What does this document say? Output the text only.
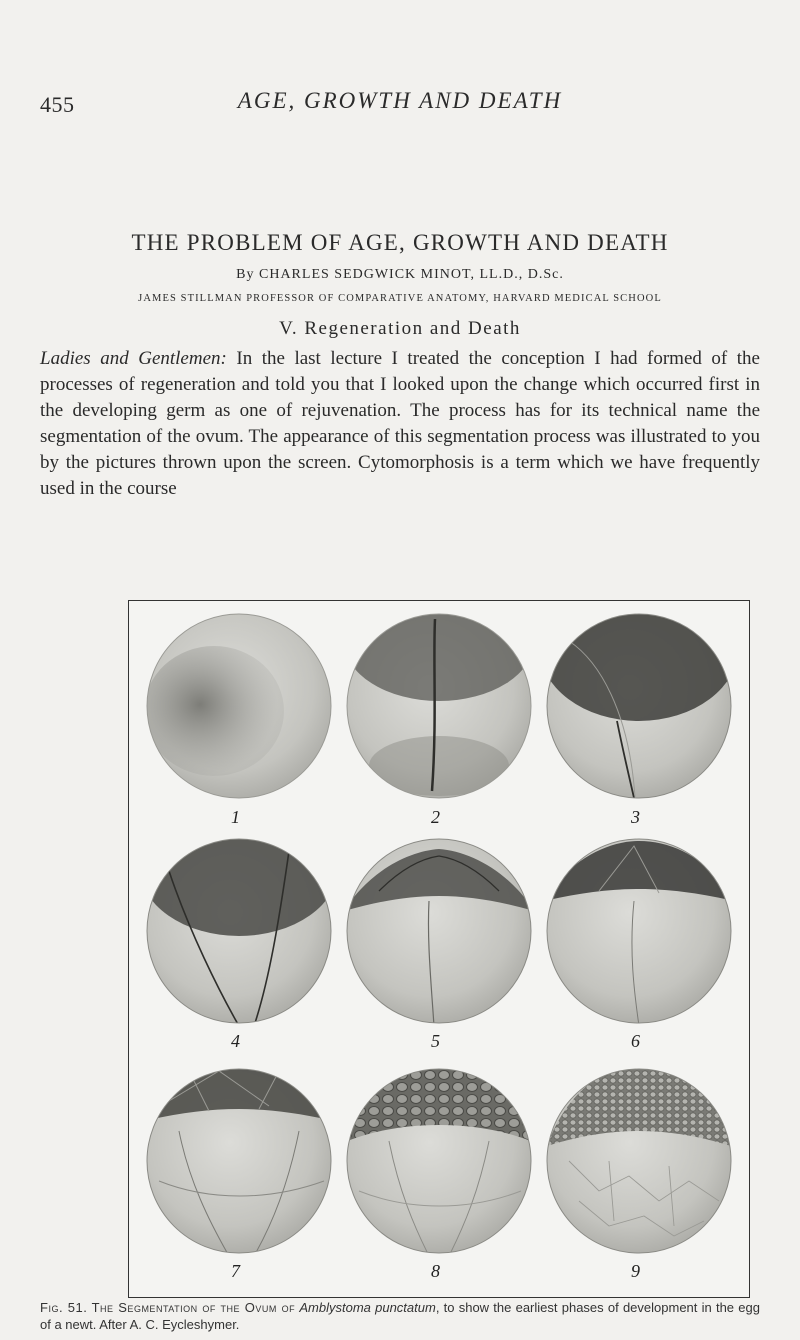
455	AGE, GROWTH AND DEATH
THE PROBLEM OF AGE, GROWTH AND DEATH
By CHARLES SEDGWICK MINOT, LL.D., D.Sc.
JAMES STILLMAN PROFESSOR OF COMPARATIVE ANATOMY, HARVARD MEDICAL SCHOOL
V. Regeneration and Death
Ladies and Gentlemen: In the last lecture I treated the conception I had formed of the processes of regeneration and told you that I looked upon the change which occurred first in the developing germ as one of rejuvenation. The process has for its technical name the segmentation of the ovum. The appearance of this segmentation process was illustrated to you by the pictures thrown upon the screen. Cytomorphosis is a term which we have frequently used in the course
1	2	3
4	5	6
7	8	9
Fig. 51. The Segmentation of the Ovum of Amblystoma punctatum, to show the earliest phases of development in the egg of a newt. After A. C. Eycleshymer.
